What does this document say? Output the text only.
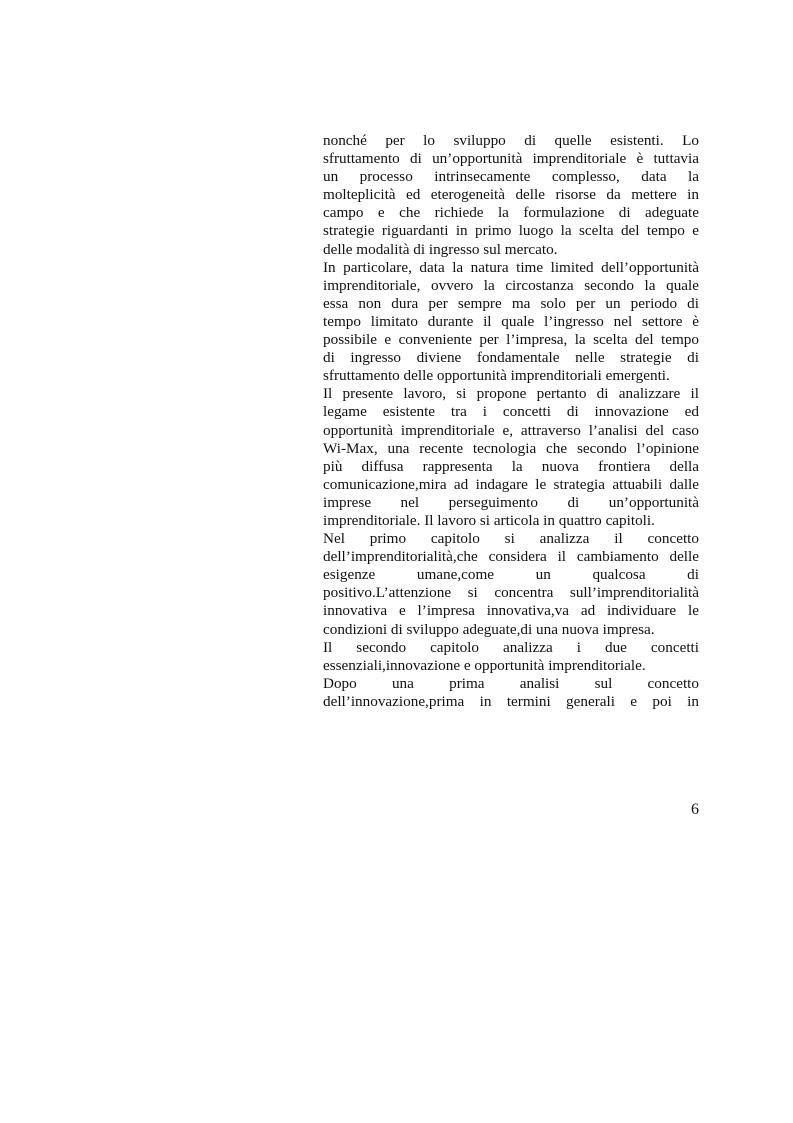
nonché per lo sviluppo di quelle esistenti. Lo
sfruttamento di un’opportunità imprenditoriale è tuttavia
un processo intrinsecamente complesso, data la
molteplicità ed eterogeneità delle risorse da mettere in
campo e che richiede la formulazione di adeguate
strategie riguardanti in primo luogo la scelta del tempo e
delle modalità di ingresso sul mercato.
In particolare, data la natura time limited dell’opportunità
imprenditoriale, ovvero la circostanza secondo la quale
essa non dura per sempre ma solo per un periodo di
tempo limitato durante il quale l’ingresso nel settore è
possibile e conveniente per l’impresa, la scelta del tempo
di ingresso diviene fondamentale nelle strategie di
sfruttamento delle opportunità imprenditoriali emergenti.
Il presente lavoro, si propone pertanto di analizzare il
legame esistente tra i concetti di innovazione ed
opportunità imprenditoriale e, attraverso l’analisi del caso
Wi-Max, una recente tecnologia che secondo l’opinione
più diffusa rappresenta la nuova frontiera della
comunicazione,mira ad indagare le strategia attuabili dalle
imprese nel perseguimento di un’opportunità
imprenditoriale. Il lavoro si articola in quattro capitoli.
Nel primo capitolo si analizza il concetto
dell’imprenditorialità,che considera il cambiamento delle
esigenze umane,come un qualcosa di
positivo.L’attenzione si concentra sull’imprenditorialità
innovativa e l’impresa innovativa,va ad individuare le
condizioni di sviluppo adeguate,di una nuova impresa.
Il secondo capitolo analizza i due concetti
essenziali,innovazione e opportunità imprenditoriale.
Dopo una prima analisi sul concetto
dell’innovazione,prima in termini generali e poi in
6
